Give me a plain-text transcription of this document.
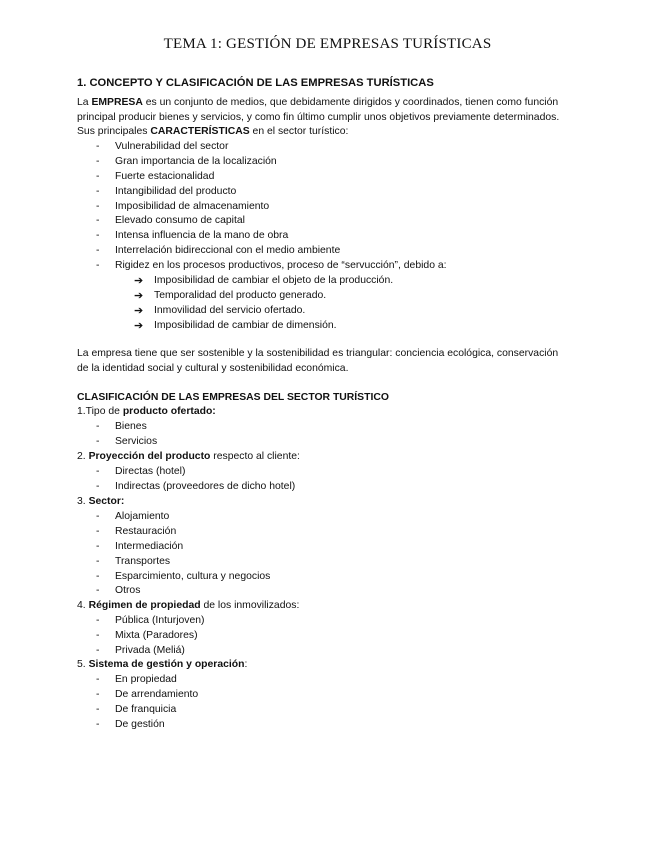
TEMA 1: GESTIÓN DE EMPRESAS TURÍSTICAS
1. CONCEPTO Y CLASIFICACIÓN DE LAS EMPRESAS TURÍSTICAS
La EMPRESA es un conjunto de medios, que debidamente dirigidos y coordinados, tienen como función
principal producir bienes y servicios, y como fin último cumplir unos objetivos previamente determinados.
Sus principales CARACTERÍSTICAS en el sector turístico:
- Vulnerabilidad del sector
- Gran importancia de la localización
- Fuerte estacionalidad
- Intangibilidad del producto
- Imposibilidad de almacenamiento
- Elevado consumo de capital
- Intensa influencia de la mano de obra
- Interrelación bidireccional con el medio ambiente
- Rigidez en los procesos productivos, proceso de “servucción”, debido a:
➔ Imposibilidad de cambiar el objeto de la producción.
➔ Temporalidad del producto generado.
➔ Inmovilidad del servicio ofertado.
➔ Imposibilidad de cambiar de dimensión.
La empresa tiene que ser sostenible y la sostenibilidad es triangular: conciencia ecológica, conservación
de la identidad social y cultural y sostenibilidad económica.
CLASIFICACIÓN DE LAS EMPRESAS DEL SECTOR TURÍSTICO
1.Tipo de producto ofertado:
- Bienes
- Servicios
2. Proyección del producto respecto al cliente:
- Directas (hotel)
- Indirectas (proveedores de dicho hotel)
3. Sector:
- Alojamiento
- Restauración
- Intermediación
- Transportes
- Esparcimiento, cultura y negocios
- Otros
4. Régimen de propiedad de los inmovilizados:
- Pública (Inturjoven)
- Mixta (Paradores)
- Privada (Meliá)
5. Sistema de gestión y operación:
- En propiedad
- De arrendamiento
- De franquicia
- De gestión
